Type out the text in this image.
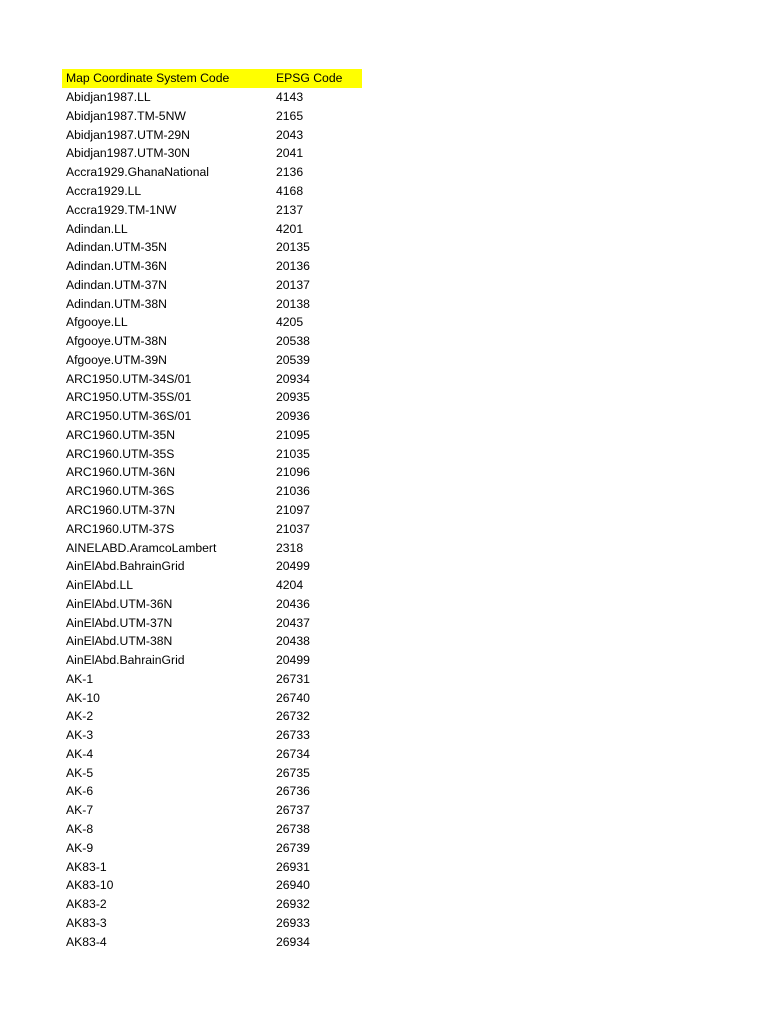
Map Coordinate System Code	EPSG Code
Abidjan1987.LL	4143
Abidjan1987.TM-5NW	2165
Abidjan1987.UTM-29N	2043
Abidjan1987.UTM-30N	2041
Accra1929.GhanaNational	2136
Accra1929.LL	4168
Accra1929.TM-1NW	2137
Adindan.LL	4201
Adindan.UTM-35N	20135
Adindan.UTM-36N	20136
Adindan.UTM-37N	20137
Adindan.UTM-38N	20138
Afgooye.LL	4205
Afgooye.UTM-38N	20538
Afgooye.UTM-39N	20539
ARC1950.UTM-34S/01	20934
ARC1950.UTM-35S/01	20935
ARC1950.UTM-36S/01	20936
ARC1960.UTM-35N	21095
ARC1960.UTM-35S	21035
ARC1960.UTM-36N	21096
ARC1960.UTM-36S	21036
ARC1960.UTM-37N	21097
ARC1960.UTM-37S	21037
AINELABD.AramcoLambert	2318
AinElAbd.BahrainGrid	20499
AinElAbd.LL	4204
AinElAbd.UTM-36N	20436
AinElAbd.UTM-37N	20437
AinElAbd.UTM-38N	20438
AinElAbd.BahrainGrid	20499
AK-1	26731
AK-10	26740
AK-2	26732
AK-3	26733
AK-4	26734
AK-5	26735
AK-6	26736
AK-7	26737
AK-8	26738
AK-9	26739
AK83-1	26931
AK83-10	26940
AK83-2	26932
AK83-3	26933
AK83-4	26934
